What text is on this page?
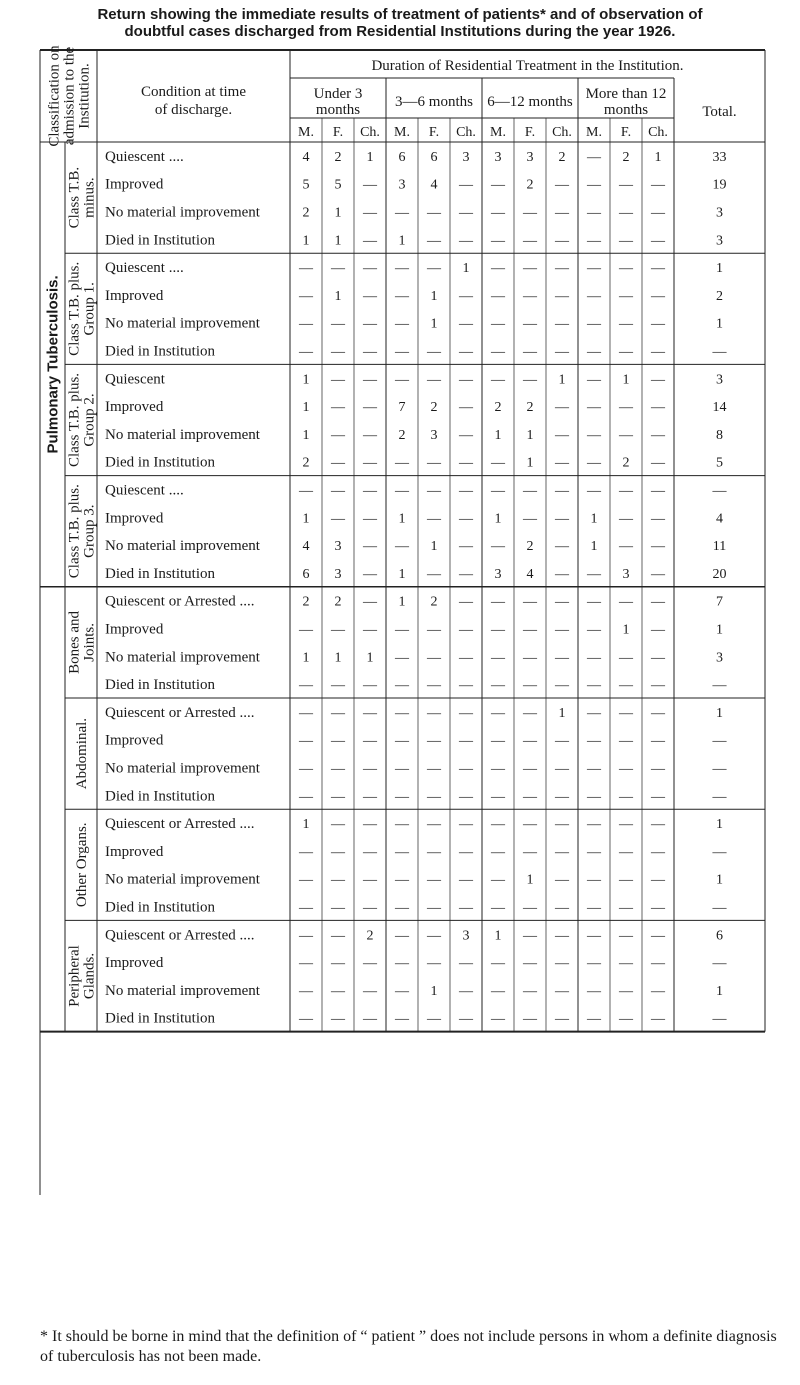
Return showing the immediate results of treatment of patients* and of observation of
doubtful cases discharged from Residential Institutions during the year 1926.
Classification on admission to the Institution.	Condition at time
of discharge.
Duration of Residential Treatment in the Institution.
Under 3
months 3—6 months 6—12 months More than 12
months	Total.
M. F. Ch. M. F. Ch. M. F. Ch. M. F. Ch.
Class T.B. minus.
Quiescent ....	4 2 1 6 6 3 3 3 2 — 2 1	33
Improved	5 5 — 3 4 — — 2 — — — —	19
No material improvement	2 1 — — — — — — — — — —	3
Died in Institution	1 1 — 1 — — — — — — — —	3
Class T.B. plus. Group 1.
Quiescent ....	— — — — — 1 — — — — — —	1
Improved	— 1 — — 1 — — — — — — —	2
No material improvement	— — — — 1 — — — — — — —	1
Died in Institution	— — — — — — — — — — — —	—
Class T.B. plus. Group 2.
Quiescent	1 — — — — — — — 1 — 1 —	3
Improved	1 — — 7 2 — 2 2 — — — —	14
No material improvement	1 — — 2 3 — 1 1 — — — —	8
Died in Institution	2 — — — — — — 1 — — 2 —	5
Class T.B. plus. Group 3.
Quiescent ....	— — — — — — — — — — — —	—
Improved	1 — — 1 — — 1 — — 1 — —	4
No material improvement	4 3 — — 1 — — 2 — 1 — —	11
Died in Institution	6 3 — 1 — — 3 4 — — 3 —	20
Bones and Joints.
Quiescent or Arrested ....	2 2 — 1 2 — — — — — — —	7
Improved	— — — — — — — — — — 1 —	1
No material improvement	1 1 1 — — — — — — — — —	3
Died in Institution	— — — — — — — — — — — —	—
Abdominal.
Quiescent or Arrested ....	— — — — — — — — 1 — — —	1
Improved	— — — — — — — — — — — —	—
No material improvement	— — — — — — — — — — — —	—
Died in Institution	— — — — — — — — — — — —	—
Other Organs. Quiescent or Arrested ....	1 — — — — — — — — — — —	1
Improved	— — — — — — — — — — — —	—
No material improvement	— — — — — — — 1 — — — —	1
Died in Institution	— — — — — — — — — — — —	—
Peripheral Glands.
Quiescent or Arrested ....	— — 2 — — 3 1 — — — — —	6
Improved	— — — — — — — — — — — —	—
No material improvement	— — — — 1 — — — — — — —	1
Died in Institution	— — — — — — — — — — — —	—
Pulmonary Tuberculosis.
* It should be borne in mind that the definition of “ patient ” does not include persons in whom a definite diagnosis of tuberculosis has not been made.
